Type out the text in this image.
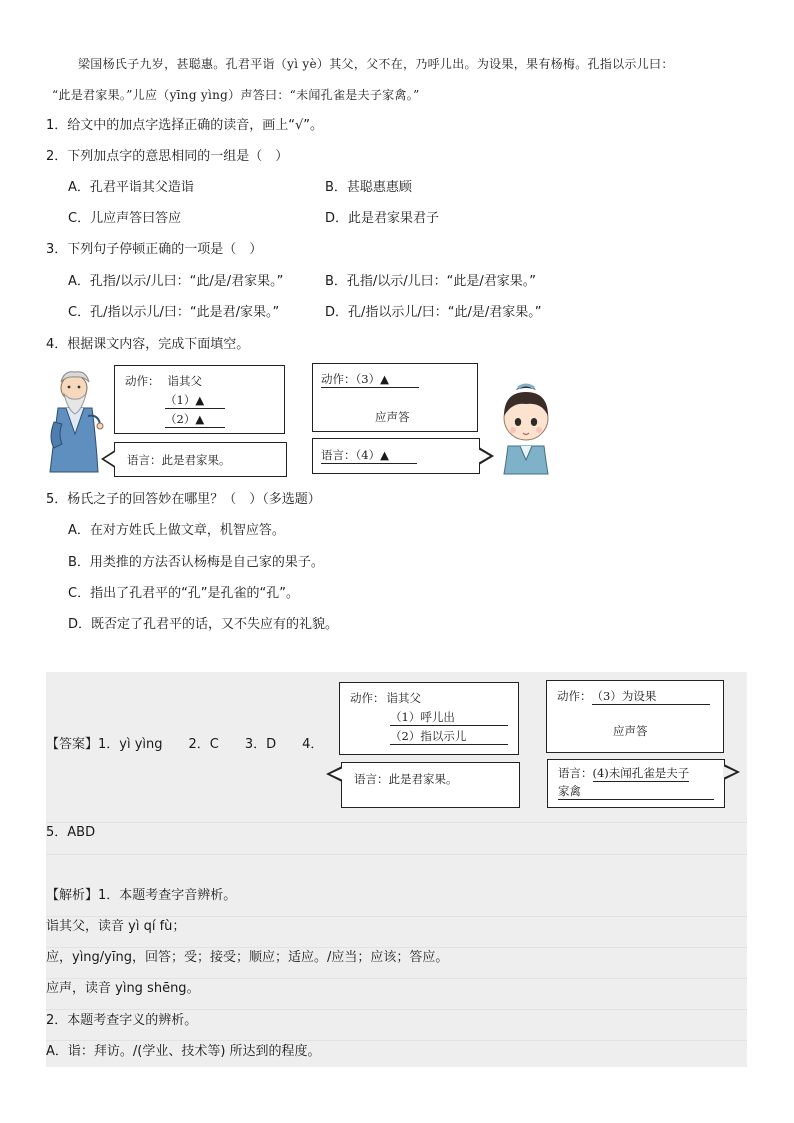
梁国杨氏子九岁，甚聪惠。孔君平诣（yì yè）其父，父不在，乃呼儿出。为设果，果有杨梅。孔指以示儿曰：
“此是君家果。”儿应（yīng yìng）声答曰：“未闻孔雀是夫子家禽。”
1．给文中的加点字选择正确的读音，画上“√”。
2．下列加点字的意思相同的一组是（　）
A．孔君平诣其父造诣	B．甚聪惠惠顾
C．儿应声答曰答应	D．此是君家果君子
3．下列句子停顿正确的一项是（　）
A．孔指/以示/儿曰：“此/是/君家果。”	B．孔指/以示/儿曰：“此是/君家果。”
C．孔/指以示儿/曰：“此是君/家果。”	D．孔/指以示儿/曰：“此/是/君家果。”
4．根据课文内容，完成下面填空。
动作： 诣其父
（1）▲
（2）▲
语言：此是君家果。
动作：（3）▲
应声答
语言：（4）▲
5．杨氏之子的回答妙在哪里？（　）（多选题）
A．在对方姓氏上做文章，机智应答。
B．用类推的方法否认杨梅是自己家的果子。
C．指出了孔君平的“孔”是孔雀的“孔”。
D．既否定了孔君平的话，又不失应有的礼貌。
【答案】1．yì yìng　　2．C　　3．D　　4．
动作： 诣其父
（1）呼儿出
（2）指以示儿
语言：此是君家果。
动作：（3）为设果
应声答
语言：(4)未闻孔雀是夫子
家禽
5．ABD
【解析】1．本题考查字音辨析。
诣其父，读音 yì qí fù；
应，yìng/yīng，回答；受；接受；顺应；适应。/应当；应该；答应。
应声，读音 yìng shēng。
2．本题考查字义的辨析。
A．诣：拜访。/(学业、技术等) 所达到的程度。
